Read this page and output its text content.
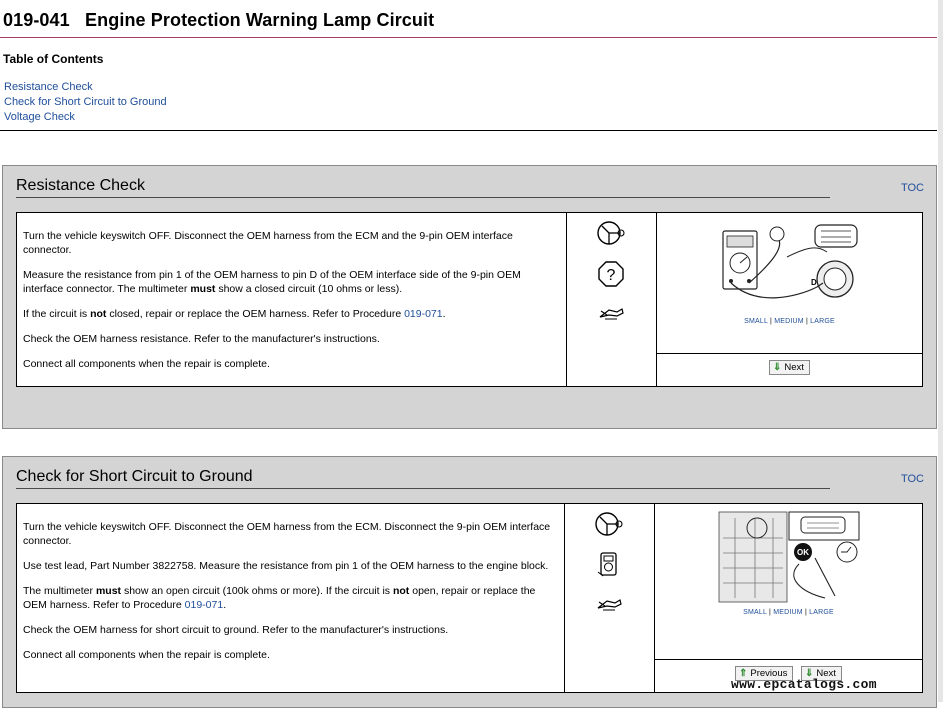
019-041   Engine Protection Warning Lamp Circuit
Table of Contents
Resistance Check
Check for Short Circuit to Ground
Voltage Check
Resistance Check	TOC

Turn the vehicle keyswitch OFF. Disconnect the OEM harness from the ECM and the 9-pin OEM interface connector.

Measure the resistance from pin 1 of the OEM harness to pin D of the OEM interface side of the 9-pin OEM interface connector. The multimeter must show a closed circuit (10 ohms or less).

If the circuit is not closed, repair or replace the OEM harness. Refer to Procedure 019-071.

Check the OEM harness resistance. Refer to the manufacturer's instructions.

Connect all components when the repair is complete.

?	D
SMALL | MEDIUM | LARGE
⇓ Next
Check for Short Circuit to Ground	TOC

Turn the vehicle keyswitch OFF. Disconnect the OEM harness from the ECM. Disconnect the 9-pin OEM interface connector.

Use test lead, Part Number 3822758. Measure the resistance from pin 1 of the OEM harness to the engine block.

The multimeter must show an open circuit (100k ohms or more). If the circuit is not open, repair or replace the OEM harness. Refer to Procedure 019-071.

Check the OEM harness for short circuit to ground. Refer to the manufacturer's instructions.

Connect all components when the repair is complete.

OK
SMALL | MEDIUM | LARGE
⇑ Previous ⇓ Next
www.epcatalogs.com
